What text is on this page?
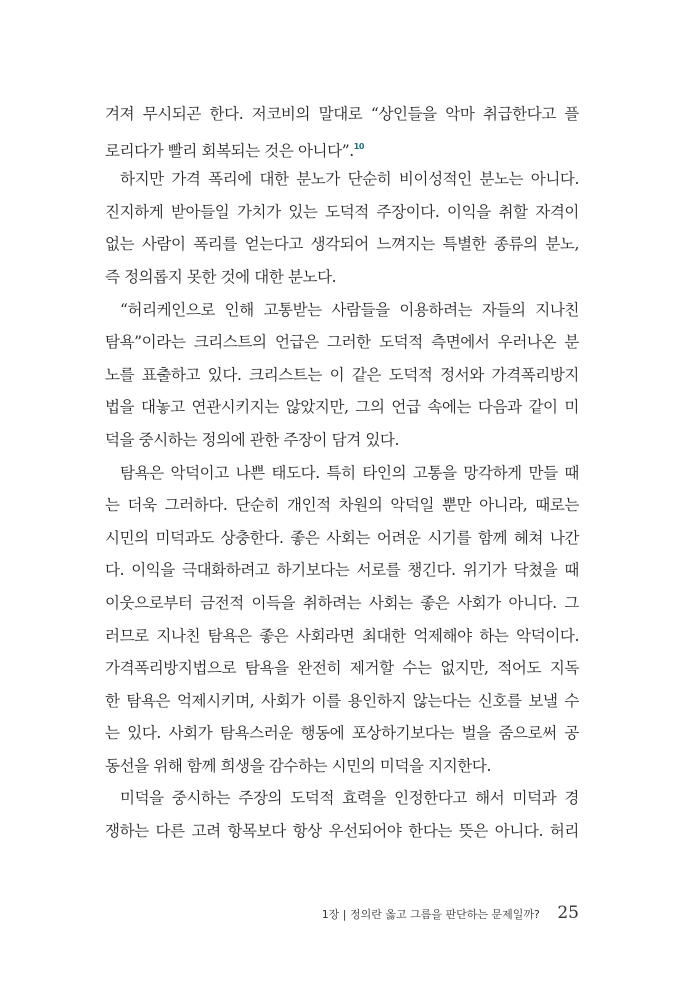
겨져 무시되곤 한다. 저코비의 말대로 “상인들을 악마 취급한다고 플
로리다가 빨리 회복되는 것은 아니다”.$^{10}$
하지만 가격 폭리에 대한 분노가 단순히 비이성적인 분노는 아니다.
진지하게 받아들일 가치가 있는 도덕적 주장이다. 이익을 취할 자격이
없는 사람이 폭리를 얻는다고 생각되어 느껴지는 특별한 종류의 분노,
즉 정의롭지 못한 것에 대한 분노다.
“허리케인으로 인해 고통받는 사람들을 이용하려는 자들의 지나친
탐욕”이라는 크리스트의 언급은 그러한 도덕적 측면에서 우러나온 분
노를 표출하고 있다. 크리스트는 이 같은 도덕적 정서와 가격폭리방지
법을 대놓고 연관시키지는 않았지만, 그의 언급 속에는 다음과 같이 미
덕을 중시하는 정의에 관한 주장이 담겨 있다.
탐욕은 악덕이고 나쁜 태도다. 특히 타인의 고통을 망각하게 만들 때
는 더욱 그러하다. 단순히 개인적 차원의 악덕일 뿐만 아니라, 때로는
시민의 미덕과도 상충한다. 좋은 사회는 어려운 시기를 함께 헤쳐 나간
다. 이익을 극대화하려고 하기보다는 서로를 챙긴다. 위기가 닥쳤을 때
이웃으로부터 금전적 이득을 취하려는 사회는 좋은 사회가 아니다. 그
러므로 지나친 탐욕은 좋은 사회라면 최대한 억제해야 하는 악덕이다.
가격폭리방지법으로 탐욕을 완전히 제거할 수는 없지만, 적어도 지독
한 탐욕은 억제시키며, 사회가 이를 용인하지 않는다는 신호를 보낼 수
는 있다. 사회가 탐욕스러운 행동에 포상하기보다는 벌을 줌으로써 공
동선을 위해 함께 희생을 감수하는 시민의 미덕을 지지한다.
미덕을 중시하는 주장의 도덕적 효력을 인정한다고 해서 미덕과 경
쟁하는 다른 고려 항목보다 항상 우선되어야 한다는 뜻은 아니다. 허리
1장 | 정의란 옳고 그름을 판단하는 문제일까? 25
